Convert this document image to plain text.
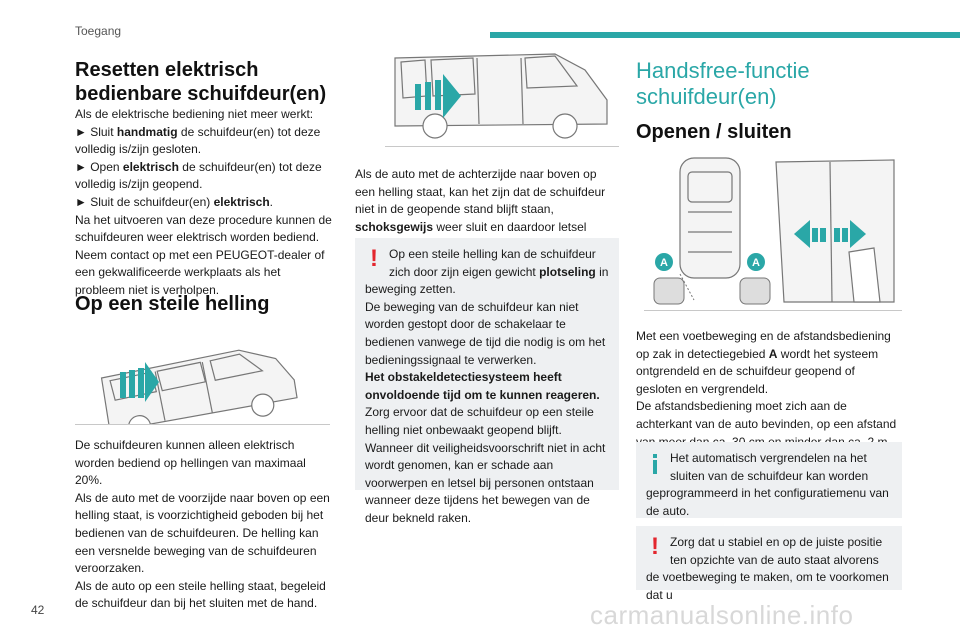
Toegang
Resetten elektrisch bedienbare schuifdeur(en)

Als de elektrische bediening niet meer werkt:

► Sluit handmatig de schuifdeur(en) tot deze volledig is/zijn gesloten.

► Open elektrisch de schuifdeur(en) tot deze volledig is/zijn geopend.

► Sluit de schuifdeur(en) elektrisch.

Na het uitvoeren van deze procedure kunnen de schuifdeuren weer elektrisch worden bediend.

Neem contact op met een PEUGEOT-dealer of een gekwalificeerde werkplaats als het probleem niet is verholpen.

Op een steile helling

De schuifdeuren kunnen alleen elektrisch worden bediend op hellingen van maximaal 20%.

Als de auto met de voorzijde naar boven op een helling staat, is voorzichtigheid geboden bij het bedienen van de schuifdeuren. De helling kan een versnelde beweging van de schuifdeuren veroorzaken.

Als de auto op een steile helling staat, begeleid de schuifdeur dan bij het sluiten met de hand.

Als de auto met de achterzijde naar boven op een helling staat, kan het zijn dat de schuifdeur niet in de geopende stand blijft staan, schoksgewijs weer sluit en daardoor letsel

! Op een steile helling kan de schuifdeur zich door zijn eigen gewicht plotseling in beweging zetten.

De beweging van de schuifdeur kan niet worden gestopt door de schakelaar te bedienen vanwege de tijd die nodig is om het bedieningssignaal te verwerken.

Het obstakeldetectiesysteem heeft onvoldoende tijd om te kunnen reageren.

Zorg ervoor dat de schuifdeur op een steile helling niet onbewaakt geopend blijft. Wanneer dit veiligheidsvoorschrift niet in acht wordt genomen, kan er schade aan voorwerpen en letsel bij personen ontstaan wanneer deze tijdens het bewegen van de deur bekneld raken.

Handsfree-functie schuifdeur(en)
Openen / sluiten
A	A

Met een voetbeweging en de afstandsbediening op zak in detectiegebied A wordt het systeem ontgrendeld en de schuifdeur geopend of gesloten en vergrendeld.

De afstandsbediening moet zich aan de achterkant van de auto bevinden, op een afstand

Het automatisch vergrendelen na het sluiten van de schuifdeur kan worden geprogrammeerd in het configuratiemenu van de auto.

! Zorg dat u stabiel en op de juiste positie ten opzichte van de auto staat alvorens de voetbeweging te maken, om te voorkomen dat u

42	carmanualsonline.info
